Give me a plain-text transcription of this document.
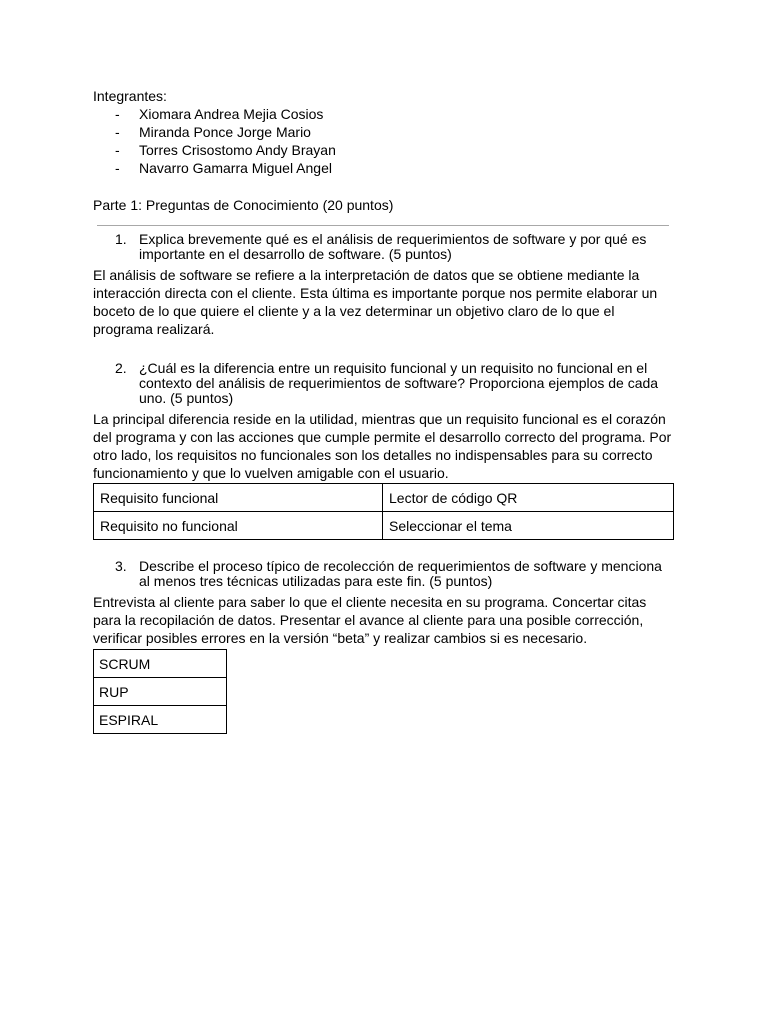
Integrantes:
- Xiomara Andrea Mejia Cosios
- Miranda Ponce Jorge Mario
- Torres Crisostomo Andy Brayan
- Navarro Gamarra Miguel Angel
Parte 1: Preguntas de Conocimiento (20 puntos)
1. Explica brevemente qué es el análisis de requerimientos de software y por qué es importante en el desarrollo de software. (5 puntos)
El análisis de software se refiere a la interpretación de datos que se obtiene mediante la interacción directa con el cliente. Esta última es importante porque nos permite elaborar un boceto de lo que quiere el cliente y a la vez determinar un objetivo claro de lo que el programa realizará.
2. ¿Cuál es la diferencia entre un requisito funcional y un requisito no funcional en el contexto del análisis de requerimientos de software? Proporciona ejemplos de cada uno. (5 puntos)
La principal diferencia reside en la utilidad, mientras que un requisito funcional es el corazón del programa y con las acciones que cumple permite el desarrollo correcto del programa. Por otro lado, los requisitos no funcionales son los detalles no indispensables para su correcto funcionamiento y que lo vuelven amigable con el usuario.
Requisito funcional	Lector de código QR
Requisito no funcional	Seleccionar el tema
3. Describe el proceso típico de recolección de requerimientos de software y menciona al menos tres técnicas utilizadas para este fin. (5 puntos)
Entrevista al cliente para saber lo que el cliente necesita en su programa. Concertar citas para la recopilación de datos. Presentar el avance al cliente para una posible corrección, verificar posibles errores en la versión “beta” y realizar cambios si es necesario.
SCRUM
RUP
ESPIRAL
